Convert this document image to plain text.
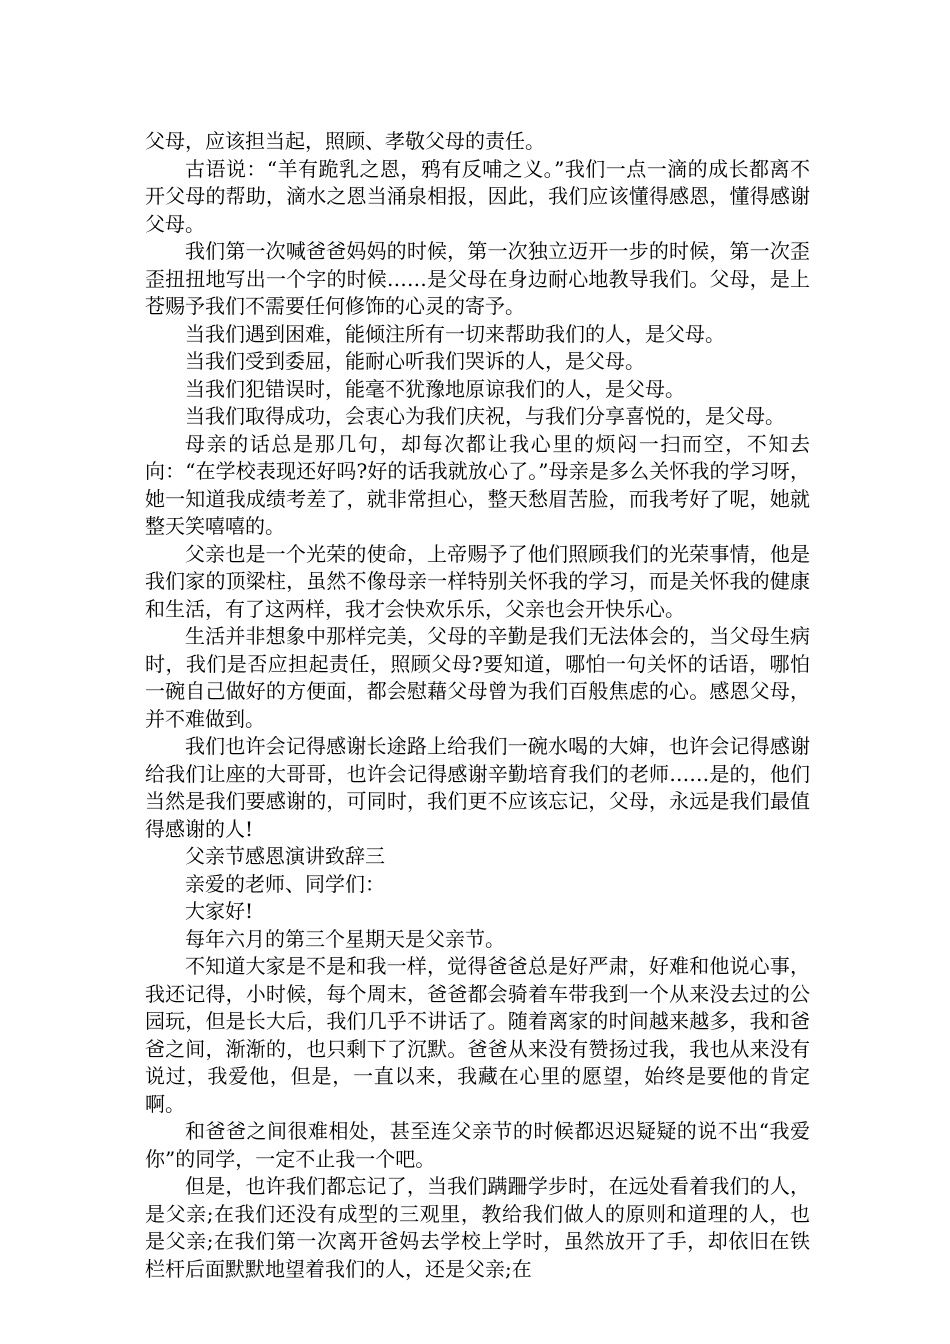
父母，应该担当起，照顾、孝敬父母的责任。

古语说：“羊有跪乳之恩，鸦有反哺之义。”我们一点一滴的成长都离不开父母的帮助，滴水之恩当涌泉相报，因此，我们应该懂得感恩，懂得感谢父母。

我们第一次喊爸爸妈妈的时候，第一次独立迈开一步的时候，第一次歪歪扭扭地写出一个字的时候……是父母在身边耐心地教导我们。父母，是上苍赐予我们不需要任何修饰的心灵的寄予。

当我们遇到困难，能倾注所有一切来帮助我们的人，是父母。

当我们受到委屈，能耐心听我们哭诉的人，是父母。

当我们犯错误时，能毫不犹豫地原谅我们的人，是父母。

当我们取得成功，会衷心为我们庆祝，与我们分享喜悦的，是父母。

母亲的话总是那几句，却每次都让我心里的烦闷一扫而空，不知去向：“在学校表现还好吗?好的话我就放心了。”母亲是多么关怀我的学习呀，她一知道我成绩考差了，就非常担心，整天愁眉苦脸，而我考好了呢，她就整天笑嘻嘻的。

父亲也是一个光荣的使命，上帝赐予了他们照顾我们的光荣事情，他是我们家的顶梁柱，虽然不像母亲一样特别关怀我的学习，而是关怀我的健康和生活，有了这两样，我才会快欢乐乐，父亲也会开快乐心。

生活并非想象中那样完美，父母的辛勤是我们无法体会的，当父母生病时，我们是否应担起责任，照顾父母?要知道，哪怕一句关怀的话语，哪怕一碗自己做好的方便面，都会慰藉父母曾为我们百般焦虑的心。感恩父母，并不难做到。

我们也许会记得感谢长途路上给我们一碗水喝的大婶，也许会记得感谢给我们让座的大哥哥，也许会记得感谢辛勤培育我们的老师……是的，他们当然是我们要感谢的，可同时，我们更不应该忘记，父母，永远是我们最值得感谢的人!

父亲节感恩演讲致辞三

亲爱的老师、同学们：

大家好!

每年六月的第三个星期天是父亲节。

不知道大家是不是和我一样，觉得爸爸总是好严肃，好难和他说心事，我还记得，小时候，每个周末，爸爸都会骑着车带我到一个从来没去过的公园玩，但是长大后，我们几乎不讲话了。随着离家的时间越来越多，我和爸爸之间，渐渐的，也只剩下了沉默。爸爸从来没有赞扬过我，我也从来没有说过，我爱他，但是，一直以来，我藏在心里的愿望，始终是要他的肯定啊。

和爸爸之间很难相处，甚至连父亲节的时候都迟迟疑疑的说不出“我爱你”的同学，一定不止我一个吧。

但是，也许我们都忘记了，当我们蹒跚学步时，在远处看着我们的人，是父亲;在我们还没有成型的三观里，教给我们做人的原则和道理的人，也是父亲;在我们第一次离开爸妈去学校上学时，虽然放开了手，却依旧在铁栏杆后面默默地望着我们的人，还是父亲;在
